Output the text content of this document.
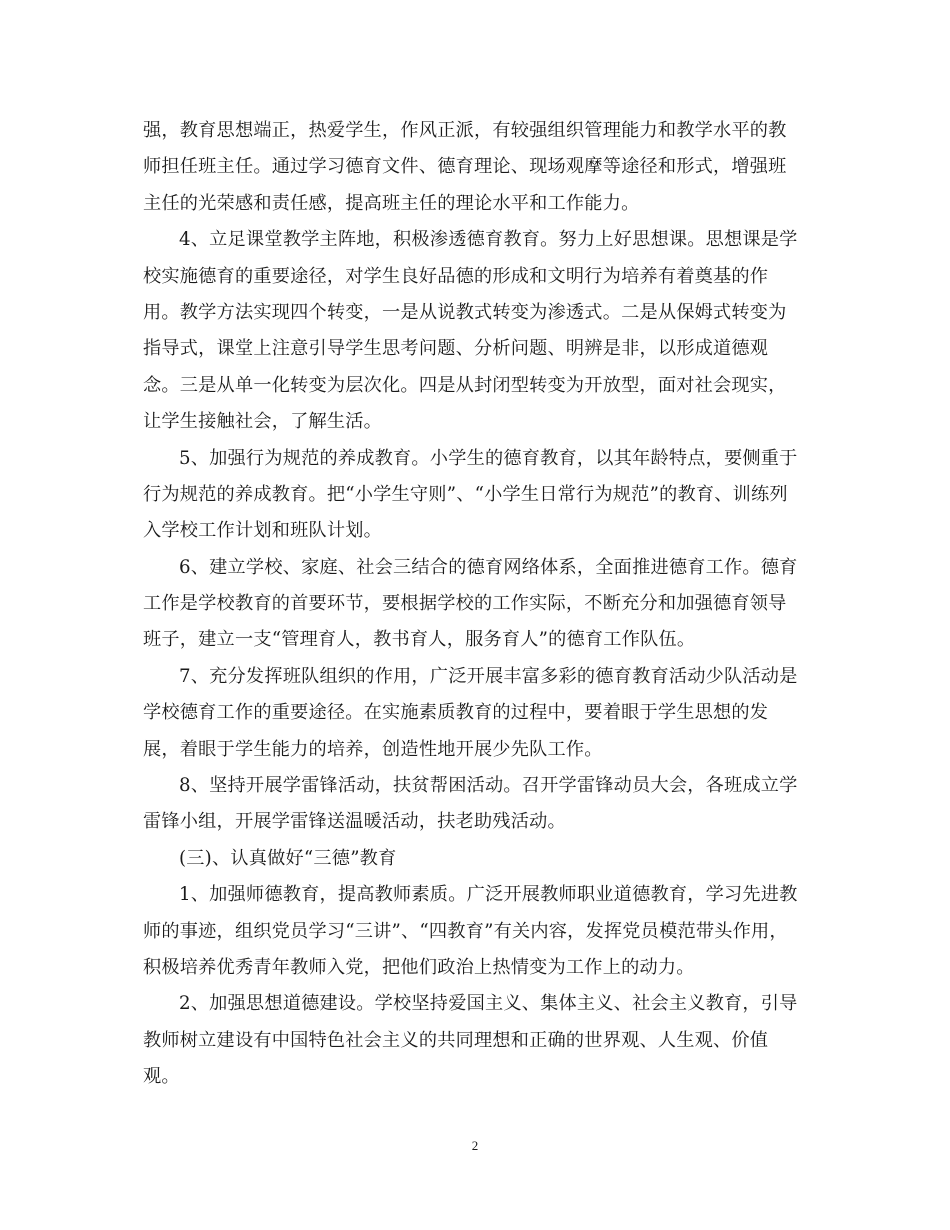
强，教育思想端正，热爱学生，作风正派，有较强组织管理能力和教学水平的教
师担任班主任。通过学习德育文件、德育理论、现场观摩等途径和形式，增强班
主任的光荣感和责任感，提高班主任的理论水平和工作能力。
4、立足课堂教学主阵地，积极渗透德育教育。努力上好思想课。思想课是学
校实施德育的重要途径，对学生良好品德的形成和文明行为培养有着奠基的作
用。教学方法实现四个转变，一是从说教式转变为渗透式。二是从保姆式转变为
指导式，课堂上注意引导学生思考问题、分析问题、明辨是非，以形成道德观
念。三是从单一化转变为层次化。四是从封闭型转变为开放型，面对社会现实，
让学生接触社会，了解生活。
5、加强行为规范的养成教育。小学生的德育教育，以其年龄特点，要侧重于
行为规范的养成教育。把“小学生守则”、“小学生日常行为规范”的教育、训练列
入学校工作计划和班队计划。
6、建立学校、家庭、社会三结合的德育网络体系，全面推进德育工作。德育
工作是学校教育的首要环节，要根据学校的工作实际，不断充分和加强德育领导
班子，建立一支“管理育人，教书育人，服务育人”的德育工作队伍。
7、充分发挥班队组织的作用，广泛开展丰富多彩的德育教育活动少队活动是
学校德育工作的重要途径。在实施素质教育的过程中，要着眼于学生思想的发
展，着眼于学生能力的培养，创造性地开展少先队工作。
8、坚持开展学雷锋活动，扶贫帮困活动。召开学雷锋动员大会，各班成立学
雷锋小组，开展学雷锋送温暖活动，扶老助残活动。
(三)、认真做好“三德”教育
1、加强师德教育，提高教师素质。广泛开展教师职业道德教育，学习先进教
师的事迹，组织党员学习“三讲”、“四教育”有关内容，发挥党员模范带头作用，
积极培养优秀青年教师入党，把他们政治上热情变为工作上的动力。
2、加强思想道德建设。学校坚持爱国主义、集体主义、社会主义教育，引导
教师树立建设有中国特色社会主义的共同理想和正确的世界观、人生观、价值
观。
2
